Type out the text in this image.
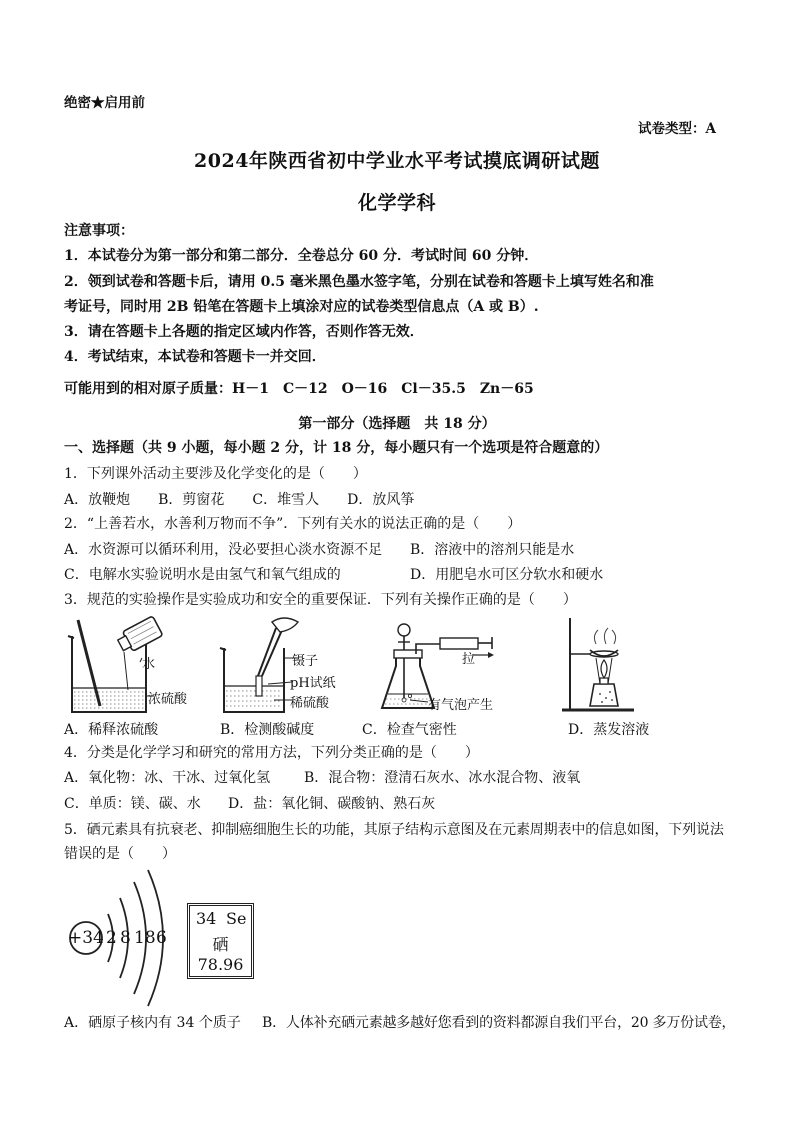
绝密★启用前
试卷类型：A
2024年陕西省初中学业水平考试摸底调研试题
化学学科
注意事项：
1．本试卷分为第一部分和第二部分．全卷总分 60 分．考试时间 60 分钟．
2．领到试卷和答题卡后，请用 0.5 毫米黑色墨水签字笔，分别在试卷和答题卡上填写姓名和准
考证号，同时用 2B 铅笔在答题卡上填涂对应的试卷类型信息点（A 或 B）.
3．请在答题卡上各题的指定区域内作答，否则作答无效．
4．考试结束，本试卷和答题卡一并交回．
可能用到的相对原子质量：H－1　C－12　O－16　Cl－35.5　Zn－65
第一部分（选择题　共 18 分）
一、选择题（共 9 小题，每小题 2 分，计 18 分，每小题只有一个选项是符合题意的）
1．下列课外活动主要涉及化学变化的是（　　）
A．放鞭炮　　B．剪窗花　　C．堆雪人　　D．放风筝
2．“上善若水，水善利万物而不争”．下列有关水的说法正确的是（　　）
A．水资源可以循环利用，没必要担心淡水资源不足 B．溶液中的溶剂只能是水
C．电解水实验说明水是由氢气和氧气组成的	D．用肥皂水可区分软水和硬水
3．规范的实验操作是实验成功和安全的重要保证．下列有关操作正确的是（　　）
水
浓硫酸
A．稀释浓硫酸
镊子
pH试纸
稀硫酸
B．检测酸碱度
拉
有气泡产生
C．检查气密性	D．蒸发溶液
4．分类是化学学习和研究的常用方法，下列分类正确的是（　　）
A．氧化物：冰、干冰、过氧化氢 B．混合物：澄清石灰水、冰水混合物、液氧
C．单质：镁、碳、水 D．盐：氧化铜、碳酸钠、熟石灰
5．硒元素具有抗衰老、抑制癌细胞生长的功能，其原子结构示意图及在元素周期表中的信息如图，下列说法
错误的是（　　）
+34 2 8 18 6
34 Se
硒
78.96
A．硒原子核内有 34 个质子 B．人体补充硒元素越多越好您看到的资料都源自我们平台，20 多万份试卷，
